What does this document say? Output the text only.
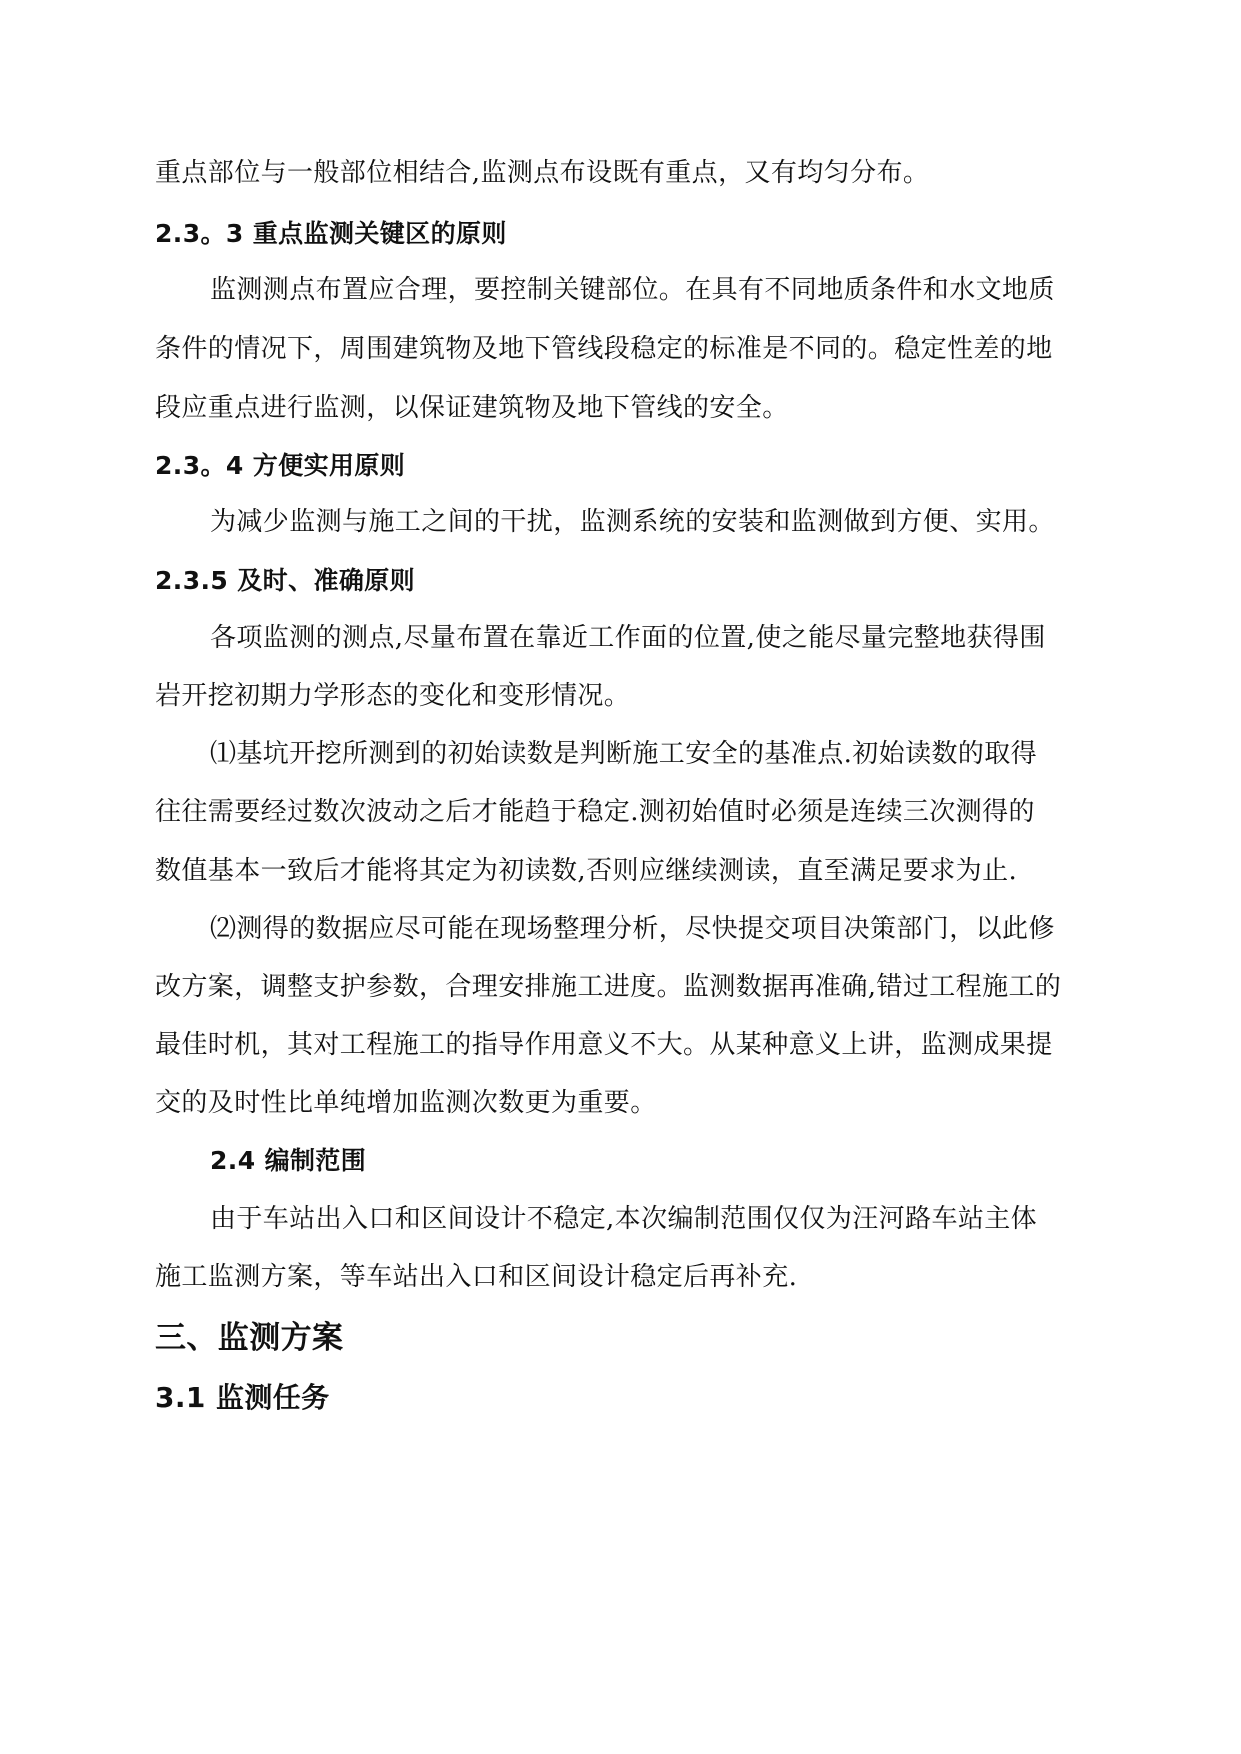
重点部位与一般部位相结合,监测点布设既有重点，又有均匀分布。
2.3。3 重点监测关键区的原则
监测测点布置应合理，要控制关键部位。在具有不同地质条件和水文地质
条件的情况下，周围建筑物及地下管线段稳定的标准是不同的。稳定性差的地
段应重点进行监测，以保证建筑物及地下管线的安全。
2.3。4 方便实用原则
为减少监测与施工之间的干扰，监测系统的安装和监测做到方便、实用。
2.3.5 及时、准确原则
各项监测的测点,尽量布置在靠近工作面的位置,使之能尽量完整地获得围
岩开挖初期力学形态的变化和变形情况。
⑴基坑开挖所测到的初始读数是判断施工安全的基准点.初始读数的取得
往往需要经过数次波动之后才能趋于稳定.测初始值时必须是连续三次测得的
数值基本一致后才能将其定为初读数,否则应继续测读，直至满足要求为止.
⑵测得的数据应尽可能在现场整理分析，尽快提交项目决策部门，以此修
改方案，调整支护参数，合理安排施工进度。监测数据再准确,错过工程施工的
最佳时机，其对工程施工的指导作用意义不大。从某种意义上讲，监测成果提
交的及时性比单纯增加监测次数更为重要。
2.4 编制范围
由于车站出入口和区间设计不稳定,本次编制范围仅仅为汪河路车站主体
施工监测方案，等车站出入口和区间设计稳定后再补充.
三、监测方案
3.1 监测任务
